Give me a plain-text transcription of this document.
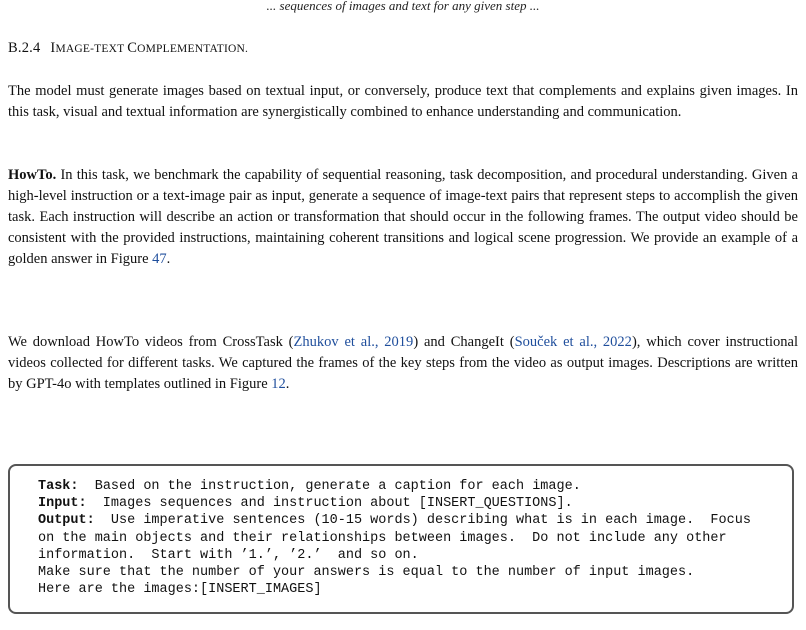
... sequences of images and text for any given step ...
B.2.4 IMAGE-TEXT COMPLEMENTATION.

The model must generate images based on textual input, or conversely, produce text that complements and explains given images. In this task, visual and textual information are synergistically combined to enhance understanding and communication.

HowTo. In this task, we benchmark the capability of sequential reasoning, task decomposition, and procedural understanding. Given a high-level instruction or a text-image pair as input, generate a sequence of image-text pairs that represent steps to accomplish the given task. Each instruction will describe an action or transformation that should occur in the following frames. The output video should be consistent with the provided instructions, maintaining coherent transitions and logical scene progression. We provide an example of a golden answer in Figure 47.

We download HowTo videos from CrossTask (Zhukov et al., 2019) and ChangeIt (Souček et al., 2022), which cover instructional videos collected for different tasks. We captured the frames of the key steps from the video as output images. Descriptions are written by GPT-4o with templates outlined in Figure 12.

Task:  Based on the instruction, generate a caption for each image.
Input:  Images sequences and instruction about [INSERT_QUESTIONS].
Output:  Use imperative sentences (10-15 words) describing what is in each image.  Focus on the main objects and their relationships between images.  Do not include any other information.  Start with ’1.’, ’2.’  and so on.
Make sure that the number of your answers is equal to the number of input images.
Here are the images:[INSERT_IMAGES]
